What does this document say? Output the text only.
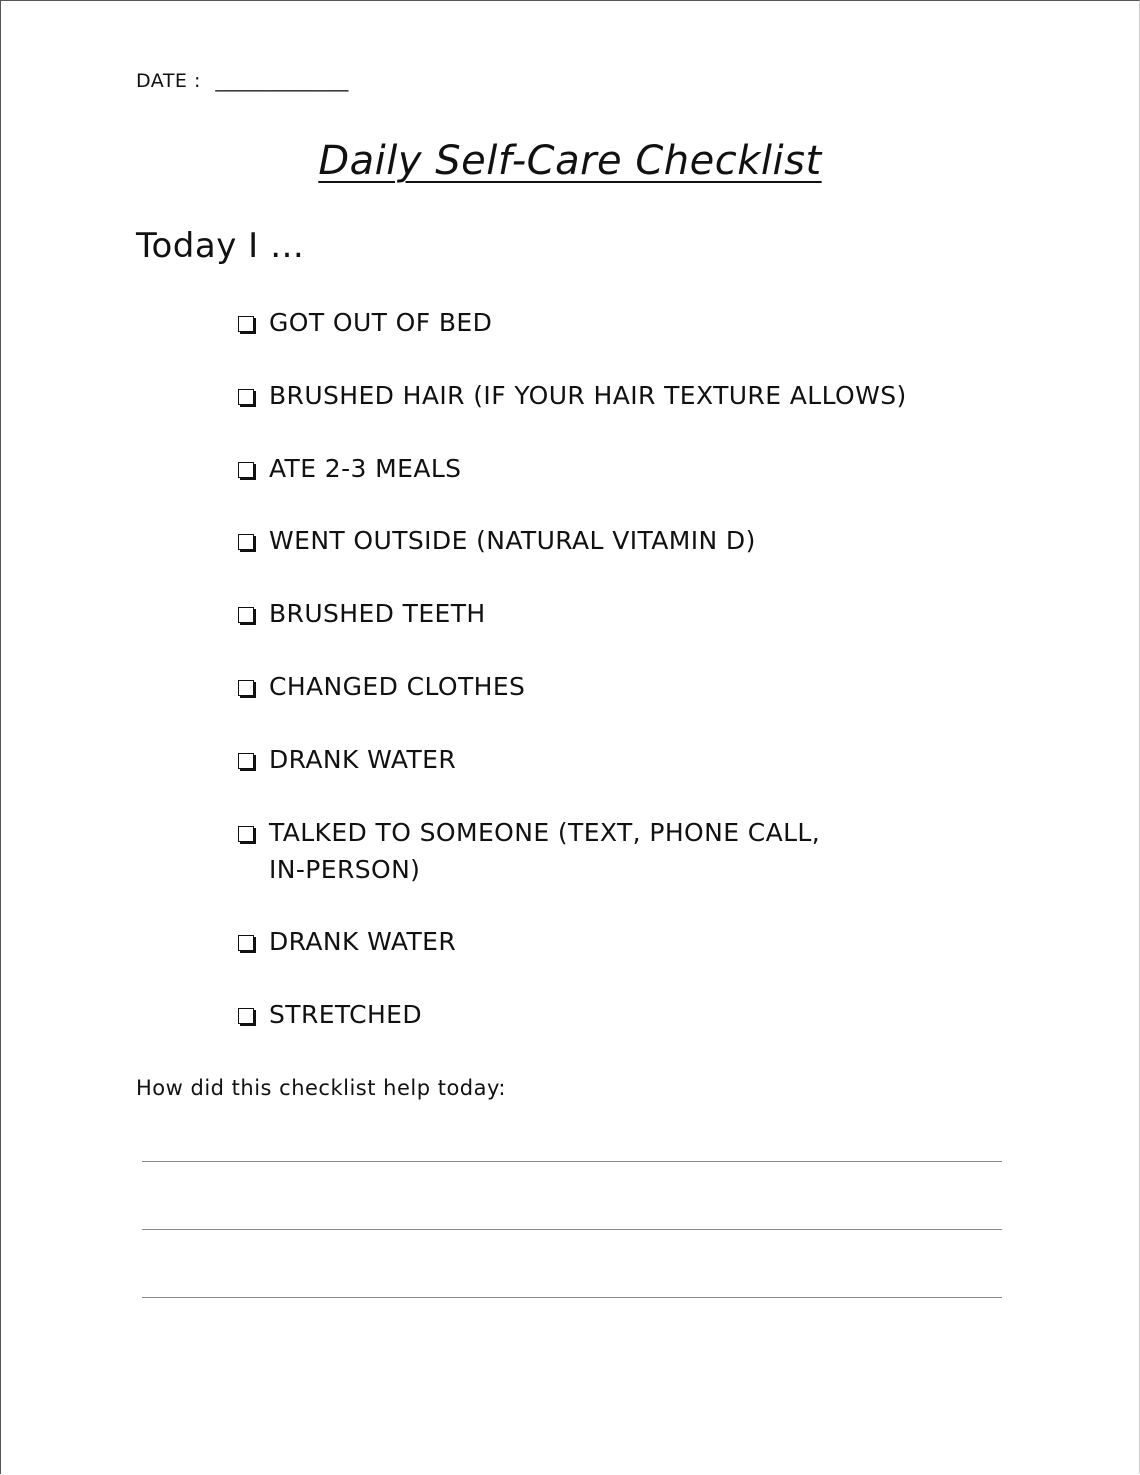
DATE : ______________
Daily Self-Care Checklist
Today I …
GOT OUT OF BED
BRUSHED HAIR (IF YOUR HAIR TEXTURE ALLOWS)
ATE 2-3 MEALS
WENT OUTSIDE (NATURAL VITAMIN D)
BRUSHED TEETH
CHANGED CLOTHES
DRANK WATER
TALKED TO SOMEONE (TEXT, PHONE CALL, IN-PERSON)
DRANK WATER
STRETCHED
How did this checklist help today:
